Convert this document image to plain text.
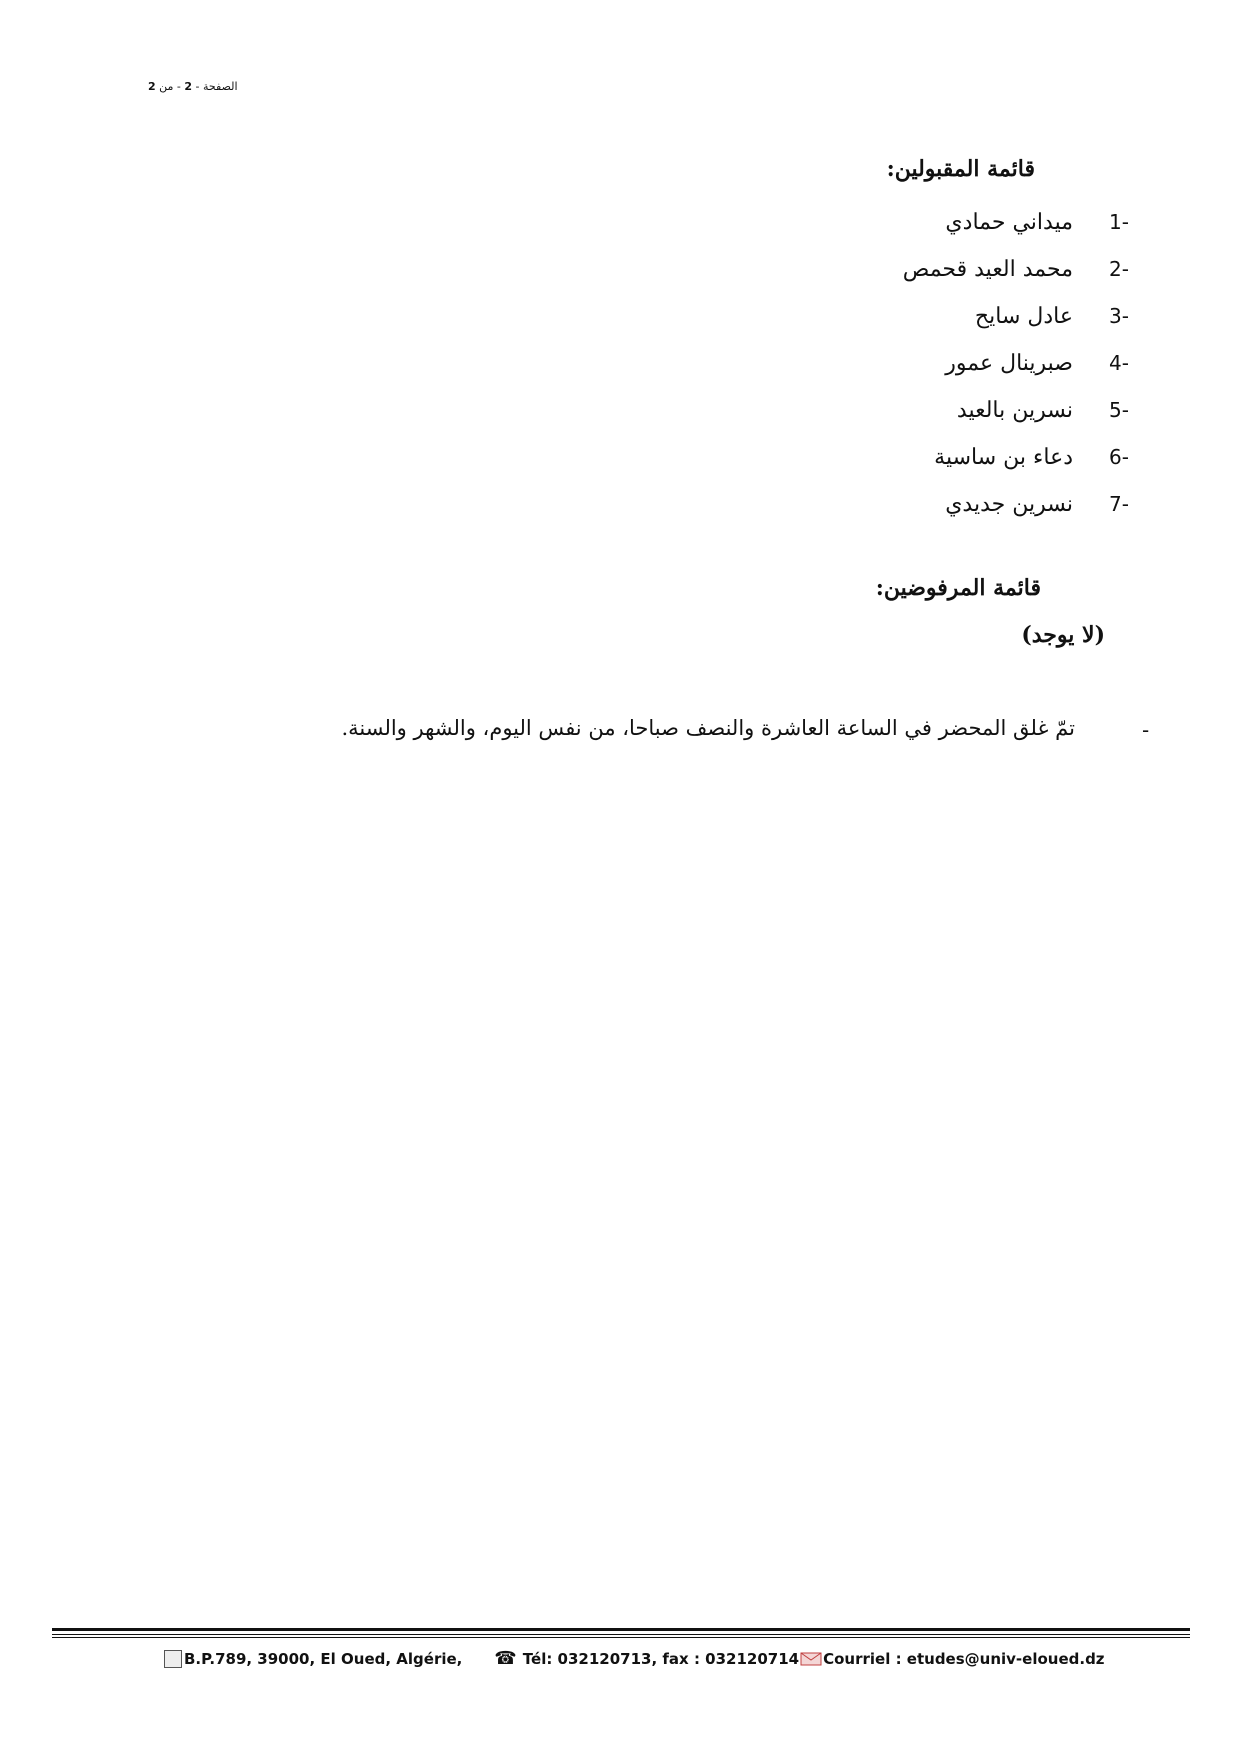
الصفحة - 2 - من 2
قائمة المقبولين:
1-ميداني حمادي
2-محمد العيد قحمص
3-عادل سايح
4-صبرينال عمور
5-نسرين بالعيد
6-دعاء بن ساسية
7-نسرين جديدي
قائمة المرفوضين:
(لا يوجد)
-
تمّ غلق المحضر في الساعة العاشرة والنصف صباحا، من نفس اليوم، والشهر والسنة.
B.P.789, 39000, El Oued, Algérie, ☎ Tél: 032120713, fax : 032120714 Courriel : etudes@univ-eloued.dz
